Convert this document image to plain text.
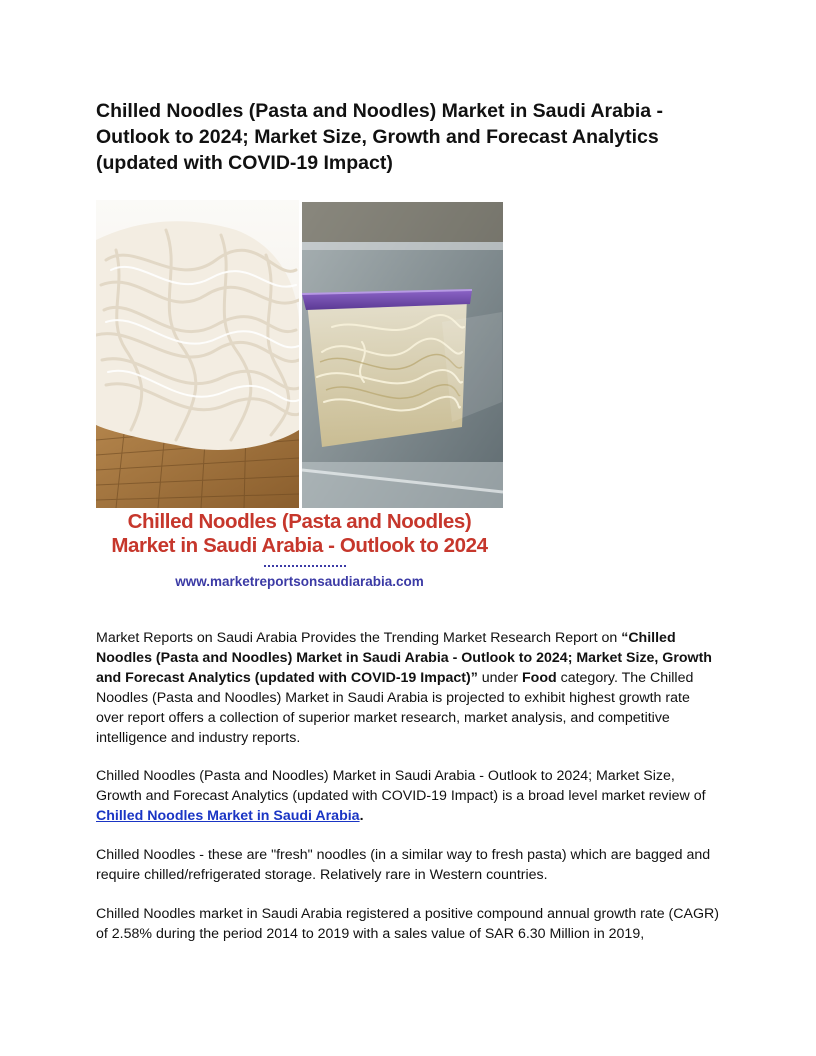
Chilled Noodles (Pasta and Noodles) Market in Saudi Arabia - Outlook to 2024; Market Size, Growth and Forecast Analytics (updated with COVID-19 Impact)
Chilled Noodles (Pasta and Noodles)
Market in Saudi Arabia - Outlook to 2024
www.marketreportsonsaudiarabia.com

Market Reports on Saudi Arabia Provides the Trending Market Research Report on “Chilled Noodles (Pasta and Noodles) Market in Saudi Arabia - Outlook to 2024; Market Size, Growth and Forecast Analytics (updated with COVID-19 Impact)” under Food category. The Chilled Noodles (Pasta and Noodles) Market in Saudi Arabia is projected to exhibit highest growth rate over report offers a collection of superior market research, market analysis, and competitive intelligence and industry reports.

Chilled Noodles (Pasta and Noodles) Market in Saudi Arabia - Outlook to 2024; Market Size, Growth and Forecast Analytics (updated with COVID-19 Impact) is a broad level market review of Chilled Noodles Market in Saudi Arabia.

Chilled Noodles - these are "fresh" noodles (in a similar way to fresh pasta) which are bagged and require chilled/refrigerated storage. Relatively rare in Western countries.

Chilled Noodles market in Saudi Arabia registered a positive compound annual growth rate (CAGR) of 2.58% during the period 2014 to 2019 with a sales value of SAR 6.30 Million in 2019,
